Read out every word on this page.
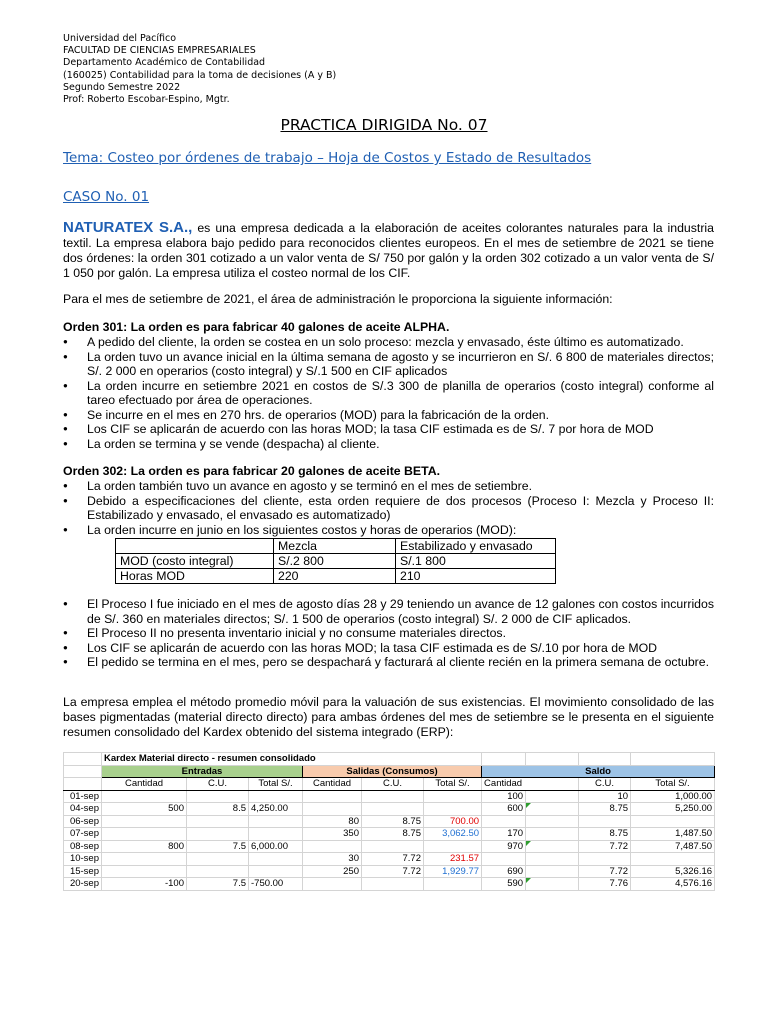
Universidad del Pacífico
FACULTAD DE CIENCIAS EMPRESARIALES
Departamento Académico de Contabilidad
(160025) Contabilidad para la toma de decisiones (A y B)
Segundo Semestre 2022
Prof: Roberto Escobar-Espino, Mgtr.
PRACTICA DIRIGIDA No. 07
Tema: Costeo por órdenes de trabajo – Hoja de Costos y Estado de Resultados
CASO No. 01
NATURATEX S.A., es una empresa dedicada a la elaboración de aceites colorantes naturales para la industria textil. La empresa elabora bajo pedido para reconocidos clientes europeos. En el mes de setiembre de 2021 se tiene dos órdenes: la orden 301 cotizado a un valor venta de S/ 750 por galón y la orden 302 cotizado a un valor venta de S/ 1 050 por galón. La empresa utiliza el costeo normal de los CIF.
Para el mes de setiembre de 2021, el área de administración le proporciona la siguiente información:
Orden 301: La orden es para fabricar 40 galones de aceite ALPHA.
● A pedido del cliente, la orden se costea en un solo proceso: mezcla y envasado, éste último es automatizado.
● La orden tuvo un avance inicial en la última semana de agosto y se incurrieron en S/. 6 800 de materiales directos; S/. 2 000 en operarios (costo integral) y S/.1 500 en CIF aplicados
● La orden incurre en setiembre 2021 en costos de S/.3 300 de planilla de operarios (costo integral) conforme al tareo efectuado por área de operaciones.
● Se incurre en el mes en 270 hrs. de operarios (MOD) para la fabricación de la orden.
● Los CIF se aplicarán de acuerdo con las horas MOD; la tasa CIF estimada es de S/. 7 por hora de MOD
● La orden se termina y se vende (despacha) al cliente.
Orden 302: La orden es para fabricar 20 galones de aceite BETA.
● La orden también tuvo un avance en agosto y se terminó en el mes de setiembre.
● Debido a especificaciones del cliente, esta orden requiere de dos procesos (Proceso I: Mezcla y Proceso II: Estabilizado y envasado, el envasado es automatizado)
● La orden incurre en junio en los siguientes costos y horas de operarios (MOD):
	Mezcla	Estabilizado y envasado
MOD (costo integral)	S/.2 800	S/.1 800
Horas MOD	220	210
● El Proceso I fue iniciado en el mes de agosto días 28 y 29 teniendo un avance de 12 galones con costos incurridos de S/. 360 en materiales directos; S/. 1 500 de operarios (costo integral) S/. 2 000 de CIF aplicados.
● El Proceso II no presenta inventario inicial y no consume materiales directos.
● Los CIF se aplicarán de acuerdo con las horas MOD; la tasa CIF estimada es de S/.10 por hora de MOD
● El pedido se termina en el mes, pero se despachará y facturará al cliente recién en la primera semana de octubre.
La empresa emplea el método promedio móvil para la valuación de sus existencias. El movimiento consolidado de las bases pigmentadas (material directo directo) para ambas órdenes del mes de setiembre se le presenta en el siguiente resumen consolidado del Kardex obtenido del sistema integrado (ERP):
	Kardex Material directo - resumen consolidado									
	Entradas			Salidas (Consumos)			Saldo			
	Cantidad	C.U.	Total S/.	Cantidad	C.U.	Total S/.	Cantidad		C.U.	Total S/.
01-sep							100		10	1,000.00
04-sep	500	8.5	4,250.00				600		8.75	5,250.00
06-sep				80	8.75	700.00				
07-sep				350	8.75	3,062.50	170		8.75	1,487.50
08-sep	800	7.5	6,000.00				970		7.72	7,487.50
10-sep				30	7.72	231.57				
15-sep				250	7.72	1,929.77	690		7.72	5,326.16
20-sep	-100	7.5	-750.00				590		7.76	4,576.16
